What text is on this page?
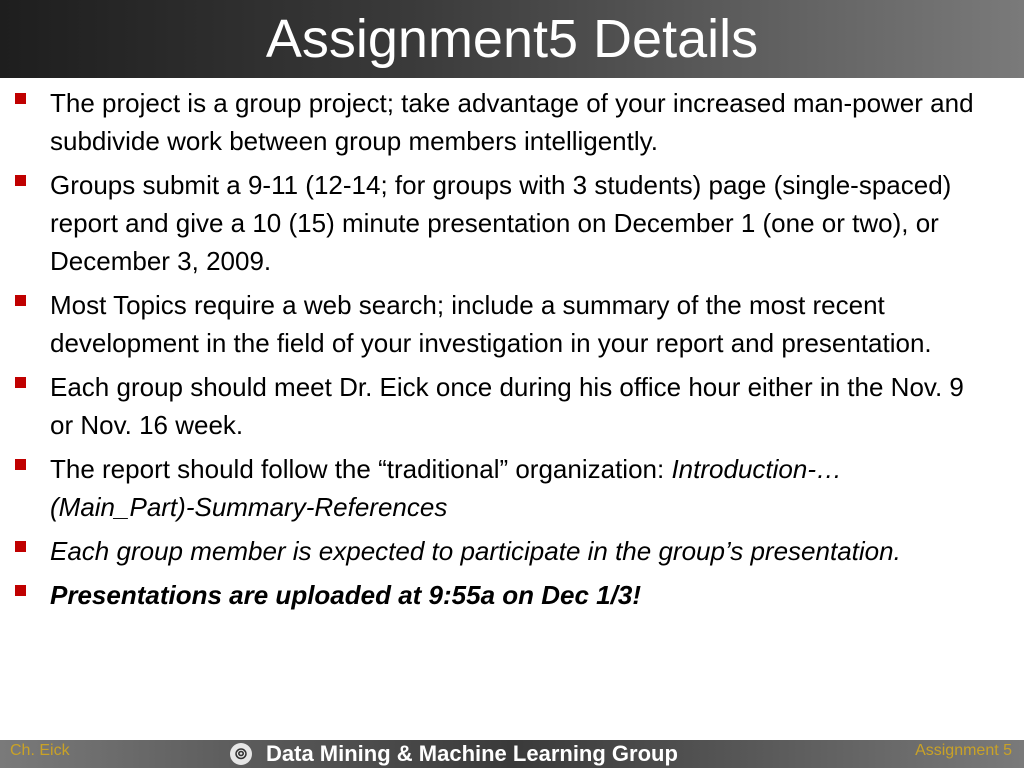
Assignment5 Details
The project is a group project; take advantage of your increased man-power and subdivide work between group members intelligently.
Groups submit a 9-11 (12-14; for groups with 3 students) page (single-spaced) report and give a 10 (15) minute presentation on December 1 (one or two), or December 3, 2009.
Most Topics require a web search; include a summary of the most recent development in the field of your investigation in your report and presentation.
Each group should meet Dr. Eick once during his office hour either in the Nov. 9 or Nov. 16 week.
The report should follow the “traditional” organization: Introduction-…(Main_Part)-Summary-References
Each group member is expected to participate in the group’s presentation.
Presentations are uploaded at 9:55a on Dec 1/3!
Ch. Eick	⦾ Data Mining & Machine Learning Group	Assignment 5
